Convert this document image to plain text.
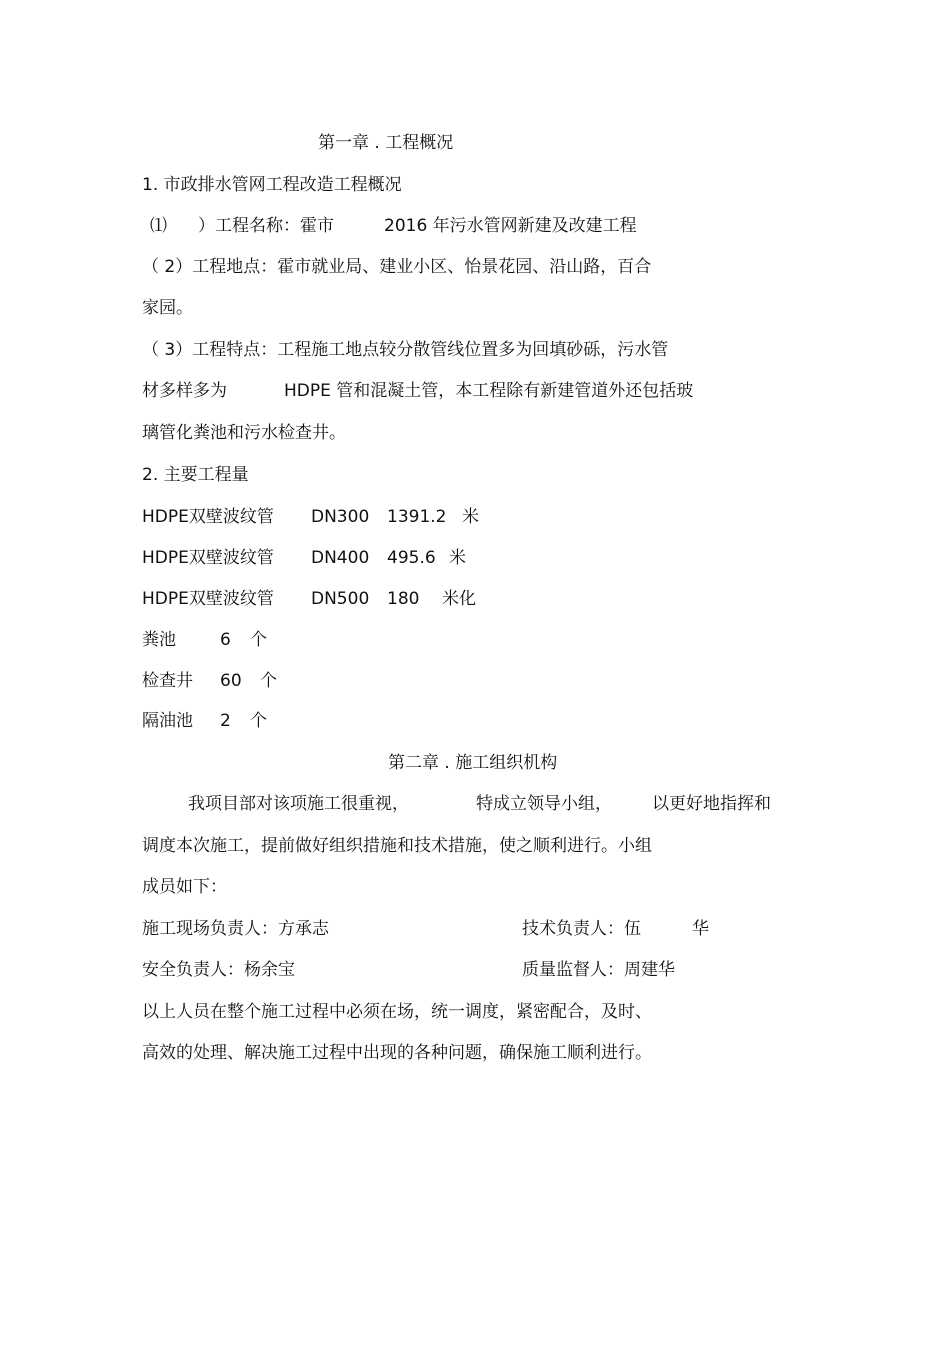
第一章 . 工程概况
1. 市政排水管网工程改造工程概况
⑴ ）工程名称：霍市	2016 年污水管网新建及改建工程
（ 2）工程地点：霍市就业局、建业小区、怡景花园、沿山路，百合
家园。
（ 3）工程特点：工程施工地点较分散管线位置多为回填砂砾，污水管
材多样多为	HDPE 管和混凝土管，本工程除有新建管道外还包括玻
璃管化粪池和污水检查井。
2. 主要工程量
HDPE双壁波纹管 DN300 1391.2 米
HDPE双壁波纹管 DN400 495.6 米
HDPE双壁波纹管 DN500 180 米化
粪池	6 个
检查井 60 个
隔油池 2 个
第二章 . 施工组织机构
我项目部对该项施工很重视，	特成立领导小组， 以更好地指挥和
调度本次施工，提前做好组织措施和技术措施，使之顺利进行。小组
成员如下：
施工现场负责人：方承志	技术负责人：伍	华
安全负责人：杨余宝	质量监督人：周建华
以上人员在整个施工过程中必须在场，统一调度，紧密配合，及时、
高效的处理、解决施工过程中出现的各种问题，确保施工顺利进行。
